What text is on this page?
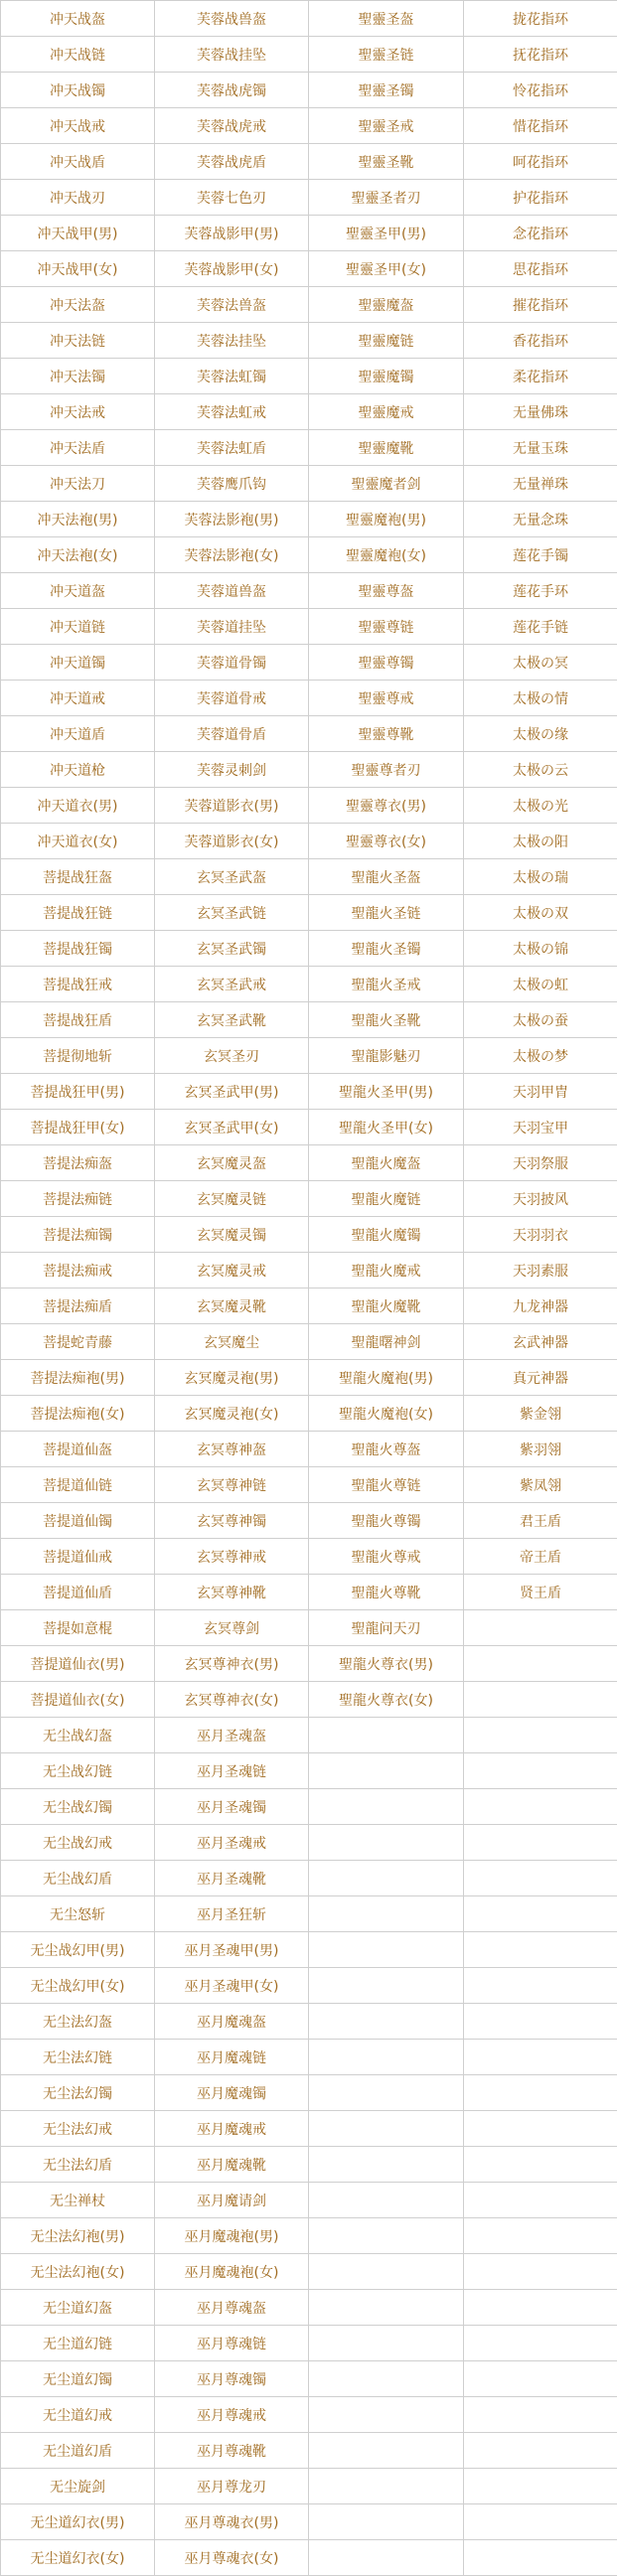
冲天战盔	芙蓉战兽盔	聖靈圣盔	拢花指环
冲天战链	芙蓉战挂坠	聖靈圣链	抚花指环
冲天战镯	芙蓉战虎镯	聖靈圣镯	怜花指环
冲天战戒	芙蓉战虎戒	聖靈圣戒	惜花指环
冲天战盾	芙蓉战虎盾	聖靈圣靴	呵花指环
冲天战刃	芙蓉七色刃	聖靈圣者刃	护花指环
冲天战甲(男)	芙蓉战影甲(男)	聖靈圣甲(男)	念花指环
冲天战甲(女)	芙蓉战影甲(女)	聖靈圣甲(女)	思花指环
冲天法盔	芙蓉法兽盔	聖靈魔盔	摧花指环
冲天法链	芙蓉法挂坠	聖靈魔链	香花指环
冲天法镯	芙蓉法虹镯	聖靈魔镯	柔花指环
冲天法戒	芙蓉法虹戒	聖靈魔戒	无量佛珠
冲天法盾	芙蓉法虹盾	聖靈魔靴	无量玉珠
冲天法刀	芙蓉鹰爪钩	聖靈魔者剑	无量禅珠
冲天法袍(男)	芙蓉法影袍(男)	聖靈魔袍(男)	无量念珠
冲天法袍(女)	芙蓉法影袍(女)	聖靈魔袍(女)	莲花手镯
冲天道盔	芙蓉道兽盔	聖靈尊盔	莲花手环
冲天道链	芙蓉道挂坠	聖靈尊链	莲花手链
冲天道镯	芙蓉道骨镯	聖靈尊镯	太极の冥
冲天道戒	芙蓉道骨戒	聖靈尊戒	太极の情
冲天道盾	芙蓉道骨盾	聖靈尊靴	太极の缘
冲天道枪	芙蓉灵刺剑	聖靈尊者刃	太极の云
冲天道衣(男)	芙蓉道影衣(男)	聖靈尊衣(男)	太极の光
冲天道衣(女)	芙蓉道影衣(女)	聖靈尊衣(女)	太极の阳
菩提战狂盔	玄冥圣武盔	聖龍火圣盔	太极の瑞
菩提战狂链	玄冥圣武链	聖龍火圣链	太极の双
菩提战狂镯	玄冥圣武镯	聖龍火圣镯	太极の锦
菩提战狂戒	玄冥圣武戒	聖龍火圣戒	太极の虹
菩提战狂盾	玄冥圣武靴	聖龍火圣靴	太极の蚕
菩提彻地斩	玄冥圣刃	聖龍影魅刃	太极の梦
菩提战狂甲(男)	玄冥圣武甲(男)	聖龍火圣甲(男)	天羽甲胄
菩提战狂甲(女)	玄冥圣武甲(女)	聖龍火圣甲(女)	天羽宝甲
菩提法痴盔	玄冥魔灵盔	聖龍火魔盔	天羽祭服
菩提法痴链	玄冥魔灵链	聖龍火魔链	天羽披风
菩提法痴镯	玄冥魔灵镯	聖龍火魔镯	天羽羽衣
菩提法痴戒	玄冥魔灵戒	聖龍火魔戒	天羽素服
菩提法痴盾	玄冥魔灵靴	聖龍火魔靴	九龙神器
菩提蛇青藤	玄冥魔尘	聖龍曙神剑	玄武神器
菩提法痴袍(男)	玄冥魔灵袍(男)	聖龍火魔袍(男)	真元神器
菩提法痴袍(女)	玄冥魔灵袍(女)	聖龍火魔袍(女)	紫金翎
菩提道仙盔	玄冥尊神盔	聖龍火尊盔	紫羽翎
菩提道仙链	玄冥尊神链	聖龍火尊链	紫凤翎
菩提道仙镯	玄冥尊神镯	聖龍火尊镯	君王盾
菩提道仙戒	玄冥尊神戒	聖龍火尊戒	帝王盾
菩提道仙盾	玄冥尊神靴	聖龍火尊靴	贤王盾
菩提如意棍	玄冥尊剑	聖龍问天刃	
菩提道仙衣(男)	玄冥尊神衣(男)	聖龍火尊衣(男)	
菩提道仙衣(女)	玄冥尊神衣(女)	聖龍火尊衣(女)	
无尘战幻盔	巫月圣魂盔		
无尘战幻链	巫月圣魂链		
无尘战幻镯	巫月圣魂镯		
无尘战幻戒	巫月圣魂戒		
无尘战幻盾	巫月圣魂靴		
无尘怒斩	巫月圣狂斩		
无尘战幻甲(男)	巫月圣魂甲(男)		
无尘战幻甲(女)	巫月圣魂甲(女)		
无尘法幻盔	巫月魔魂盔		
无尘法幻链	巫月魔魂链		
无尘法幻镯	巫月魔魂镯		
无尘法幻戒	巫月魔魂戒		
无尘法幻盾	巫月魔魂靴		
无尘禅杖	巫月魔请剑		
无尘法幻袍(男)	巫月魔魂袍(男)		
无尘法幻袍(女)	巫月魔魂袍(女)		
无尘道幻盔	巫月尊魂盔		
无尘道幻链	巫月尊魂链		
无尘道幻镯	巫月尊魂镯		
无尘道幻戒	巫月尊魂戒		
无尘道幻盾	巫月尊魂靴		
无尘旋剑	巫月尊龙刃		
无尘道幻衣(男)	巫月尊魂衣(男)		
无尘道幻衣(女)	巫月尊魂衣(女)		
